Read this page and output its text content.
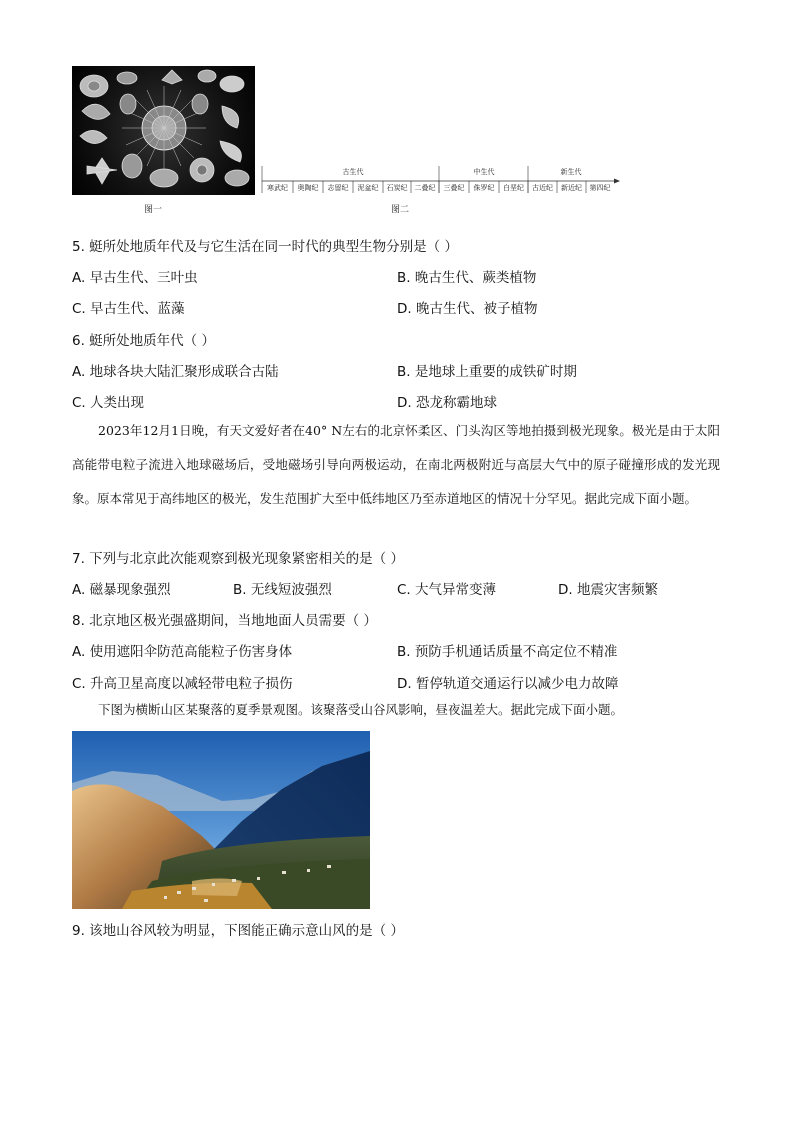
图一
古生代	中生代	新生代
寒武纪 奥陶纪 志留纪 泥盆纪 石炭纪 二叠纪 三叠纪 侏罗纪 白垩纪 古近纪 新近纪 第四纪
图二
5. 蜓所处地质年代及与它生活在同一时代的典型生物分别是（ ）
A. 早古生代、三叶虫	B. 晚古生代、蕨类植物
C. 早古生代、蓝藻	D. 晚古生代、被子植物
6. 蜓所处地质年代（ ）
A. 地球各块大陆汇聚形成联合古陆	B. 是地球上重要的成铁矿时期
C. 人类出现	D. 恐龙称霸地球
2023年12月1日晚，有天文爱好者在40° N左右的北京怀柔区、门头沟区等地拍摄到极光现象。极光是由于太阳高能带电粒子流进入地球磁场后，受地磁场引导向两极运动，在南北两极附近与高层大气中的原子碰撞形成的发光现象。原本常见于高纬地区的极光，发生范围扩大至中低纬地区乃至赤道地区的情况十分罕见。据此完成下面小题。
7. 下列与北京此次能观察到极光现象紧密相关的是（ ）
A. 磁暴现象强烈	B. 无线短波强烈	C. 大气异常变薄	D. 地震灾害频繁
8. 北京地区极光强盛期间，当地地面人员需要（ ）
A. 使用遮阳伞防范高能粒子伤害身体	B. 预防手机通话质量不高定位不精准
C. 升高卫星高度以减轻带电粒子损伤	D. 暂停轨道交通运行以减少电力故障
下图为横断山区某聚落的夏季景观图。该聚落受山谷风影响，昼夜温差大。据此完成下面小题。
9. 该地山谷风较为明显，下图能正确示意山风的是（ ）
